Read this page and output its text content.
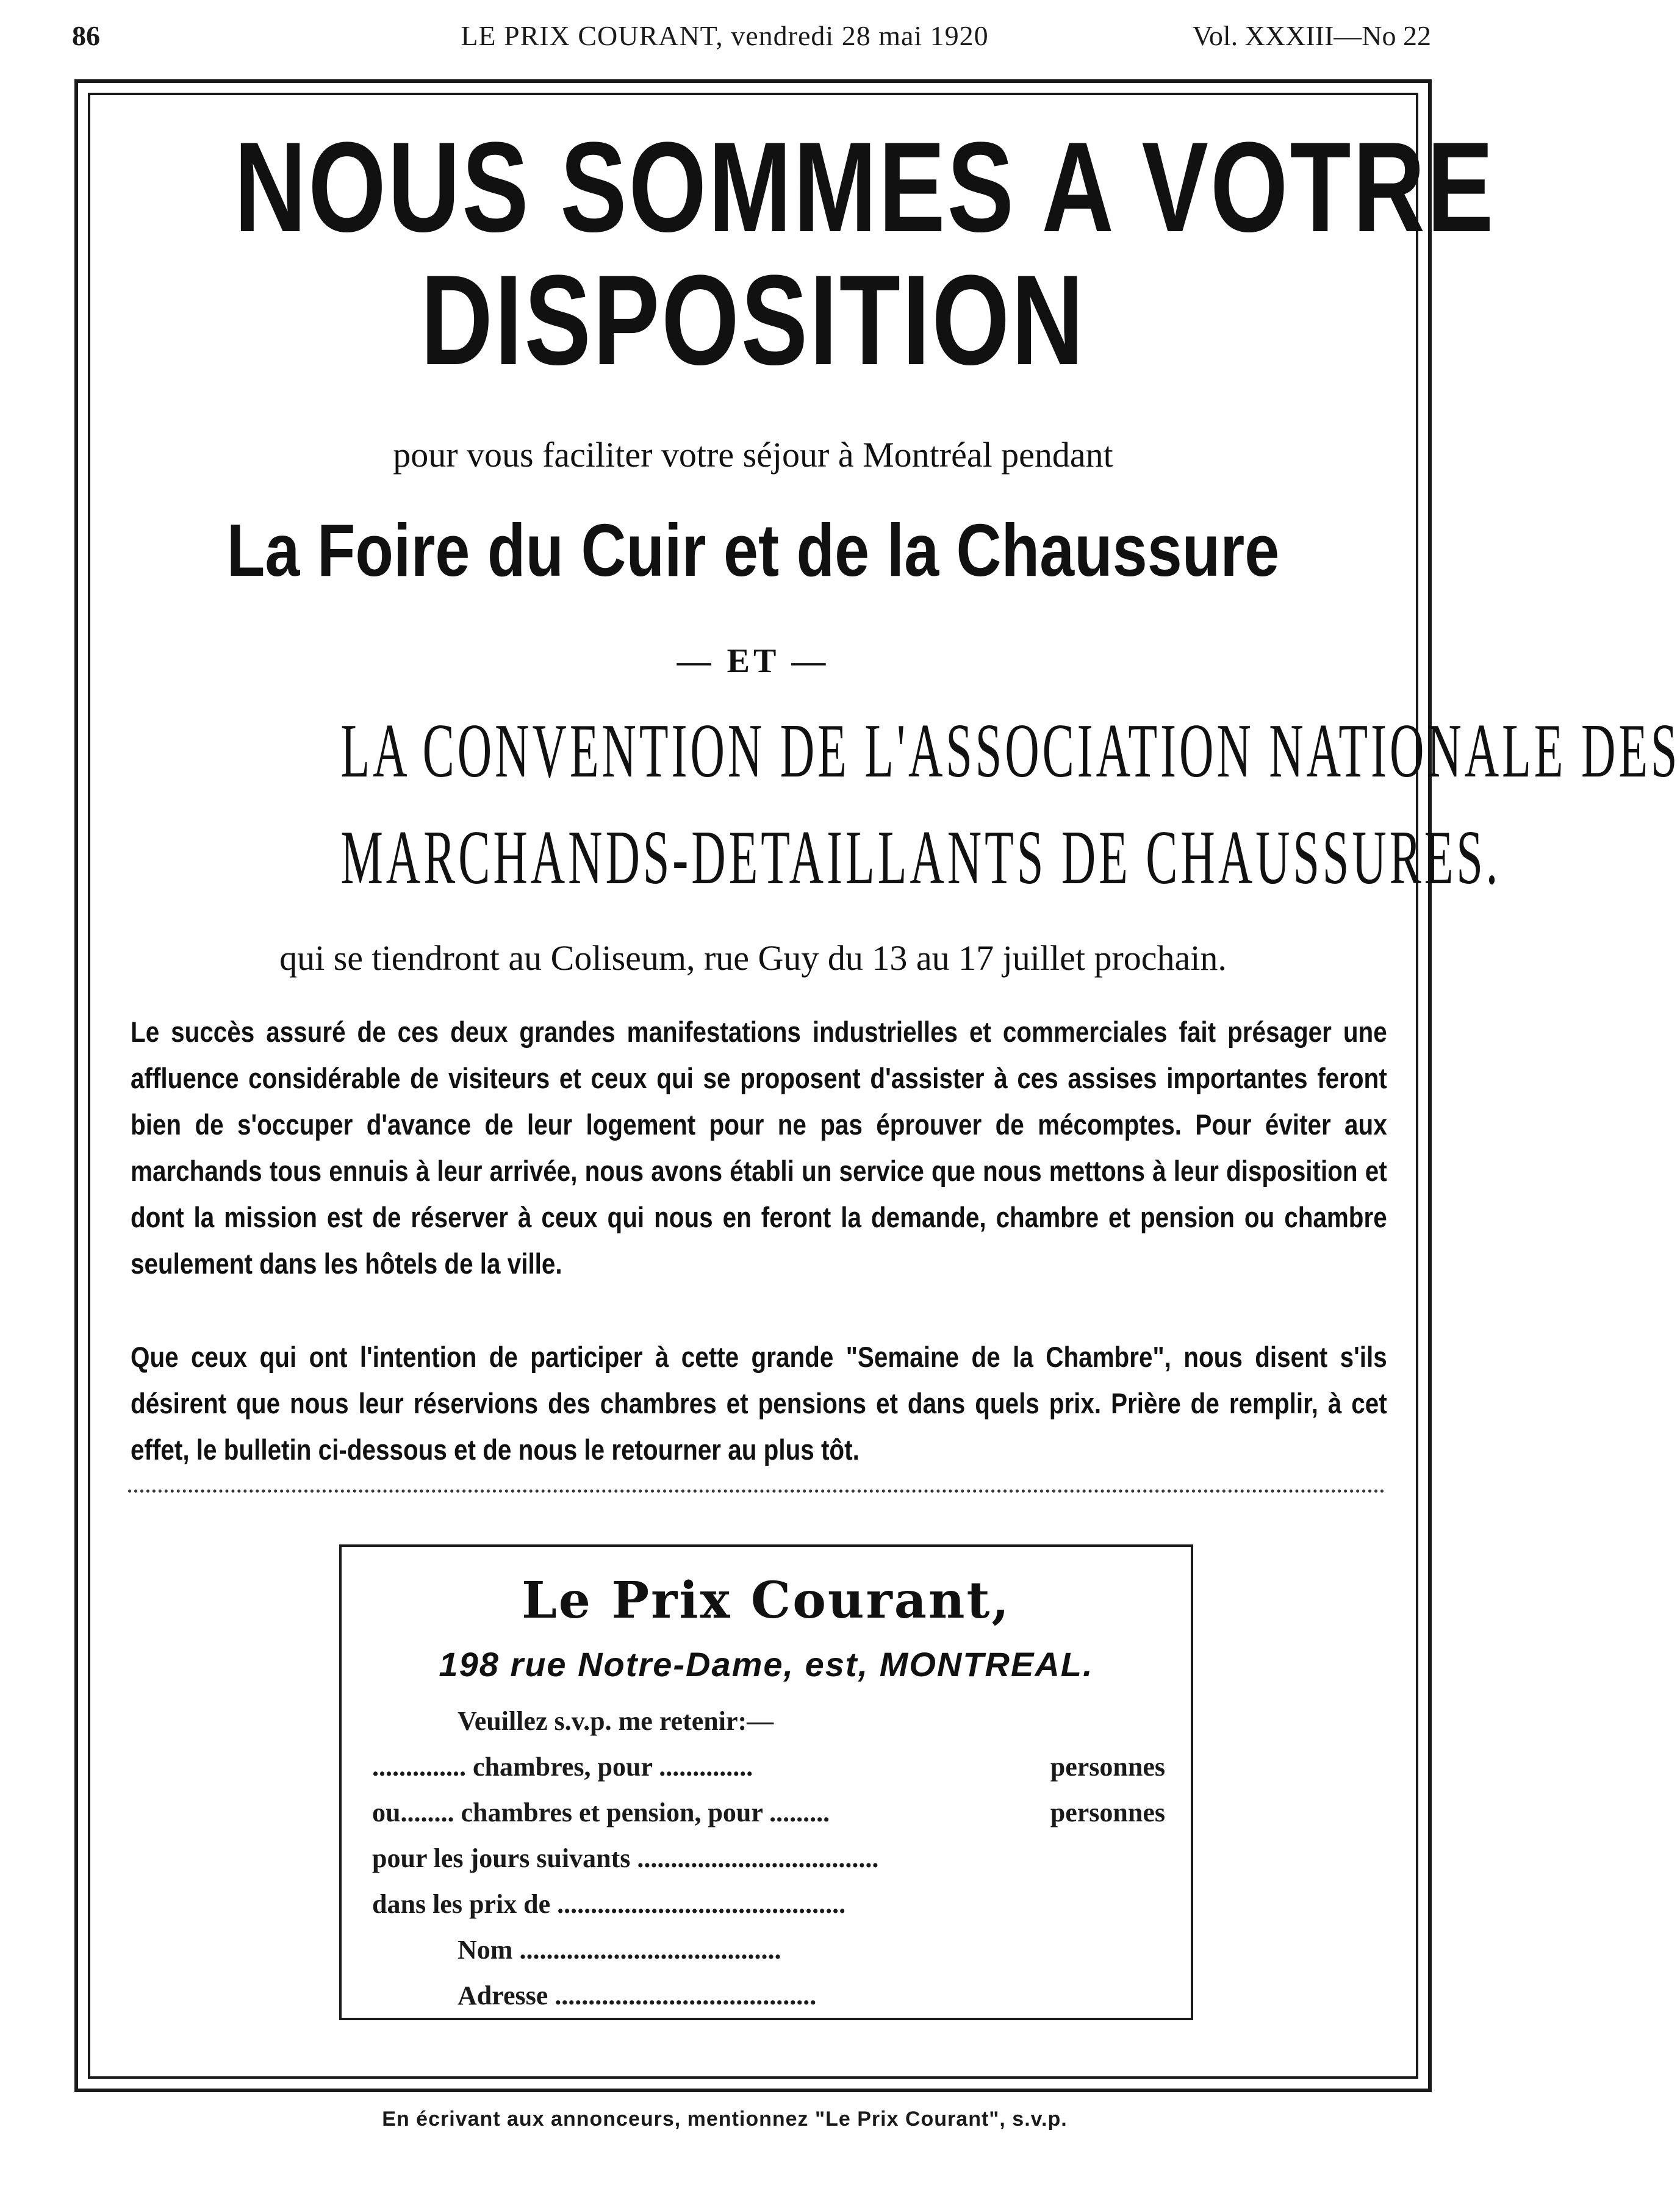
86	LE PRIX COURANT, vendredi 28 mai 1920	Vol. XXXIII—No 22
NOUS SOMMES A VOTRE
DISPOSITION
pour vous faciliter votre séjour à Montréal pendant
La Foire du Cuir et de la Chaussure
— ET —
LA CONVENTION DE L'ASSOCIATION NATIONALE DES
MARCHANDS-DETAILLANTS DE CHAUSSURES.
qui se tiendront au Coliseum, rue Guy du 13 au 17 juillet prochain.
Le succès assuré de ces deux grandes manifestations industrielles et commerciales fait présager une affluence considérable de visiteurs et ceux qui se proposent d'assister à ces assises importantes feront bien de s'occuper d'avance de leur logement pour ne pas éprouver de mécomptes. Pour éviter aux marchands tous ennuis à leur arrivée, nous avons établi un service que nous mettons à leur disposition et dont la mission est de réserver à ceux qui nous en feront la demande, chambre et pension ou chambre seulement dans les hôtels de la ville.
Que ceux qui ont l'intention de participer à cette grande "Semaine de la Chambre", nous disent s'ils désirent que nous leur réservions des chambres et pensions et dans quels prix. Prière de remplir, à cet effet, le bulletin ci-dessous et de nous le retourner au plus tôt.
Le Prix Courant,
198 rue Notre-Dame, est, MONTREAL.
Veuillez s.v.p. me retenir:—
.............. chambres, pour ..............	personnes
ou........ chambres et pension, pour .........	personnes
pour les jours suivants ....................................
dans les prix de ...........................................
Nom .......................................
Adresse .......................................
En écrivant aux annonceurs, mentionnez "Le Prix Courant", s.v.p.
